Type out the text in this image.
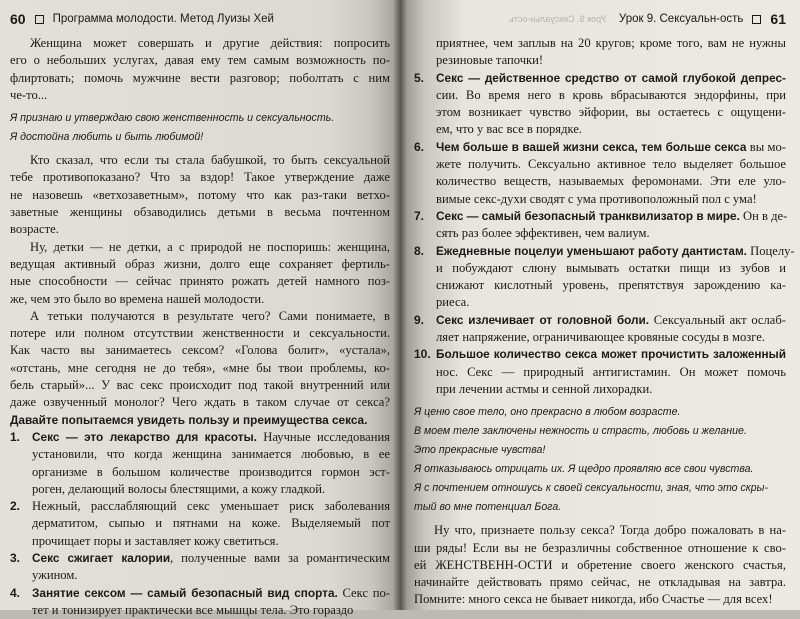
60 Программа молодости. Метод Луизы Хей
Женщина может совершать и другие действия: попросить
его о небольших услугах, давая ему тем самым возможность по-
флиртовать; помочь мужчине вести разговор; поболтать с ним
че-то...

Я признаю и утверждаю свою женственность и сексуальность.

Я достойна любить и быть любимой!

Кто сказал, что если ты стала бабушкой, то быть сексуальной
тебе противопоказано? Что за вздор! Такое утверждение даже
не назовешь «ветхозаветным», потому что как раз-таки ветхо-
заветные женщины обзаводились детьми в весьма почтенном
возрасте.
Ну, детки — не детки, а с природой не поспоришь: женщина,
ведущая активный образ жизни, долго еще сохраняет фертиль-
ные способности — сейчас принято рожать детей намного поз-
же, чем это было во времена нашей молодости.
А тетьки получаются в результате чего? Сами понимаете, в
потере или полном отсутствии женственности и сексуальности.
Как часто вы занимаетесь сексом? «Голова болит», «устала»,
«отстань, мне сегодня не до тебя», «мне бы твои проблемы, ко-
бель старый»... У вас секс происходит под такой внутренний или
даже озвученный монолог? Чего ждать в таком случае от секса?
Давайте попытаемся увидеть пользу и преимущества секса.
1.	Секс — это лекарство для красоты. Научные исследования
установили, что когда женщина занимается любовью, в ее
организме в большом количестве производится гормон эст-
роген, делающий волосы блестящими, а кожу гладкой.
2. Нежный, расслабляющий секс уменьшает риск заболевания
дерматитом, сыпью и пятнами на коже. Выделяемый пот
прочищает поры и заставляет кожу светиться.
3.	Секс сжигает калории, полученные вами за романтическим
ужином.
4.	Занятие сексом — самый безопасный вид спорта. Секс по-
тет и тонизирует практически все мышцы тела. Это гораздо
Урок 9. Сексуальн-ость Урок 9. Сексуальн-ость 61
приятнее, чем заплыв на 20 кругов; кроме того, вам не нужны
резиновые тапочки!
5.	Секс — действенное средство от самой глубокой депрес-
сии. Во время него в кровь вбрасываются эндорфины, при
этом возникает чувство эйфории, вы остаетесь с ощущени-
ем, что у вас все в порядке.
6.	Чем больше в вашей жизни секса, тем больше секса вы мо-
жете получить. Сексуально активное тело выделяет большое
количество веществ, называемых феромонами. Эти еле уло-
вимые секс-духи сводят с ума противоположный пол с ума!
7.	Секс — самый безопасный транквилизатор в мире. Он в де-
сять раз более эффективен, чем валиум.
8.	Ежедневные поцелуи уменьшают работу дантистам. Поцелу-
и побуждают слюну вымывать остатки пищи из зубов и
снижают кислотный уровень, препятствуя зарождению ка-
риеса.
9.	Секс излечивает от головной боли. Сексуальный акт ослаб-
ляет напряжение, ограничивающее кровяные сосуды в мозге.
10. Большое количество секса может прочистить заложенный
нос. Секс — природный антигистамин. Он может помочь
при лечении астмы и сенной лихорадки.

Я ценю свое тело, оно прекрасно в любом возрасте.

В моем теле заключены нежность и страсть, любовь и желание.

Это прекрасные чувства!

Я отказываюсь отрицать их. Я щедро проявляю все свои чувства.

Я с почтением отношусь к своей сексуальности, зная, что это скры-

тый во мне потенциал Бога.

Ну что, признаете пользу секса? Тогда добро пожаловать в на-
ши ряды! Если вы не безразличны собственное отношение к сво-
ей ЖЕНСТВЕНН-ОСТИ и обретение своего женского счастья,
начинайте действовать прямо сейчас, не откладывая на завтра.
Помните: много секса не бывает никогда, ибо Счастье — для всех!
